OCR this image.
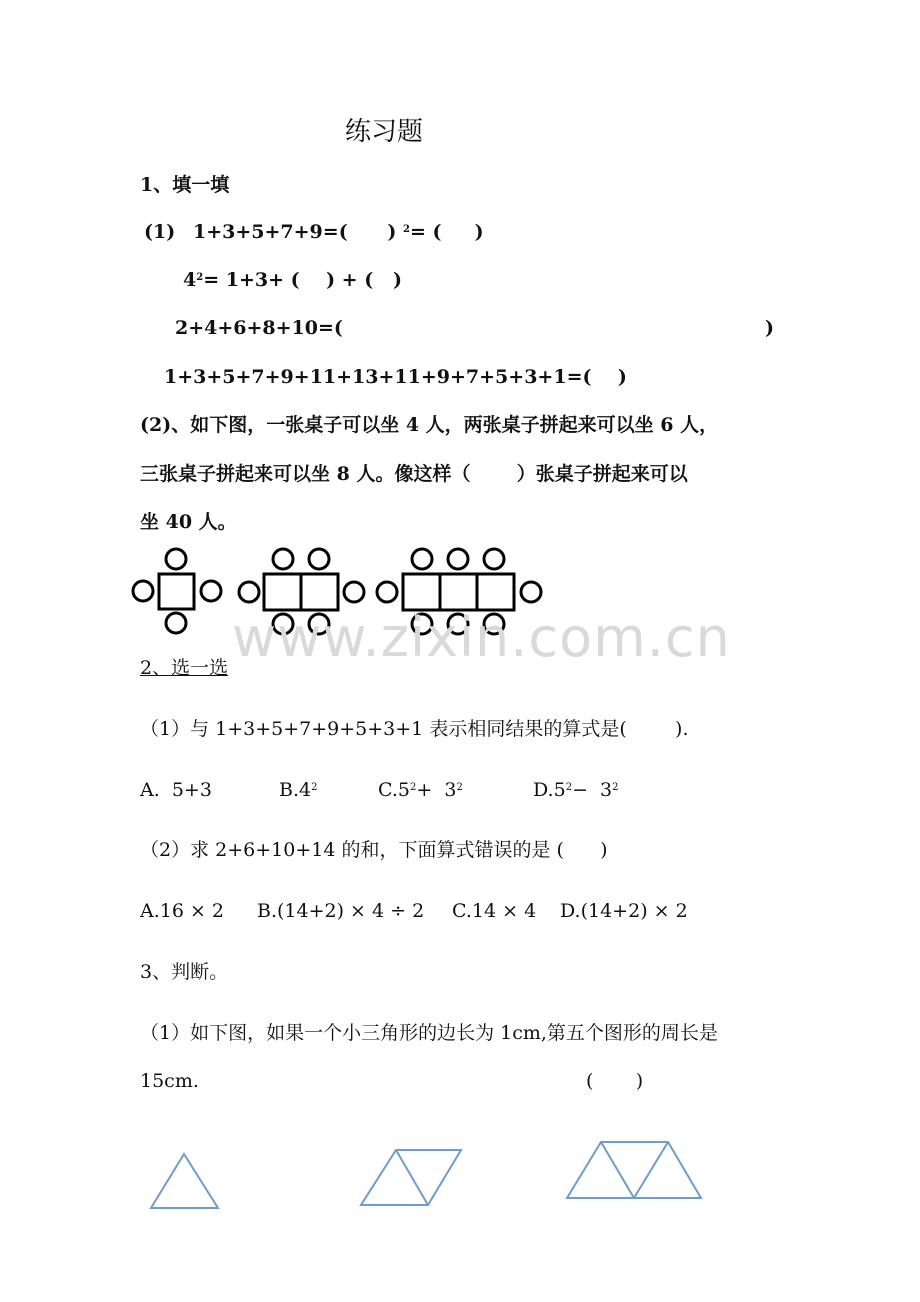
练习题
1、填一填
(1) 1+3+5+7+9=(      ) $^2$= (     )
$4^2= 1+3+$ (    ) + (   )
2+4+6+8+10=(	)
1+3+5+7+9+11+13+11+9+7+5+3+1=(    )
(2)、如下图，一张桌子可以坐 4 人，两张桌子拼起来可以坐 6 人，
三张桌子拼起来可以坐 8 人。像这样（       ）张桌子拼起来可以
坐 40 人。
www.zixin.com.cn
2、选一选
（1）与 1+3+5+7+9+5+3+1 表示相同结果的算式是(        ).
A.  5+3	$B.4^2$	$C.5^2+ 3^2$	$D.5^2- 3^2$
（2）求 2+6+10+14 的和，下面算式错误的是 (      )
A.16 × 2 B.(14+2) × 4 ÷ 2 C.14 × 4 D.(14+2) × 2
3、判断。
（1）如下图，如果一个小三角形的边长为 1cm,第五个图形的周长是
15cm.	(       )
